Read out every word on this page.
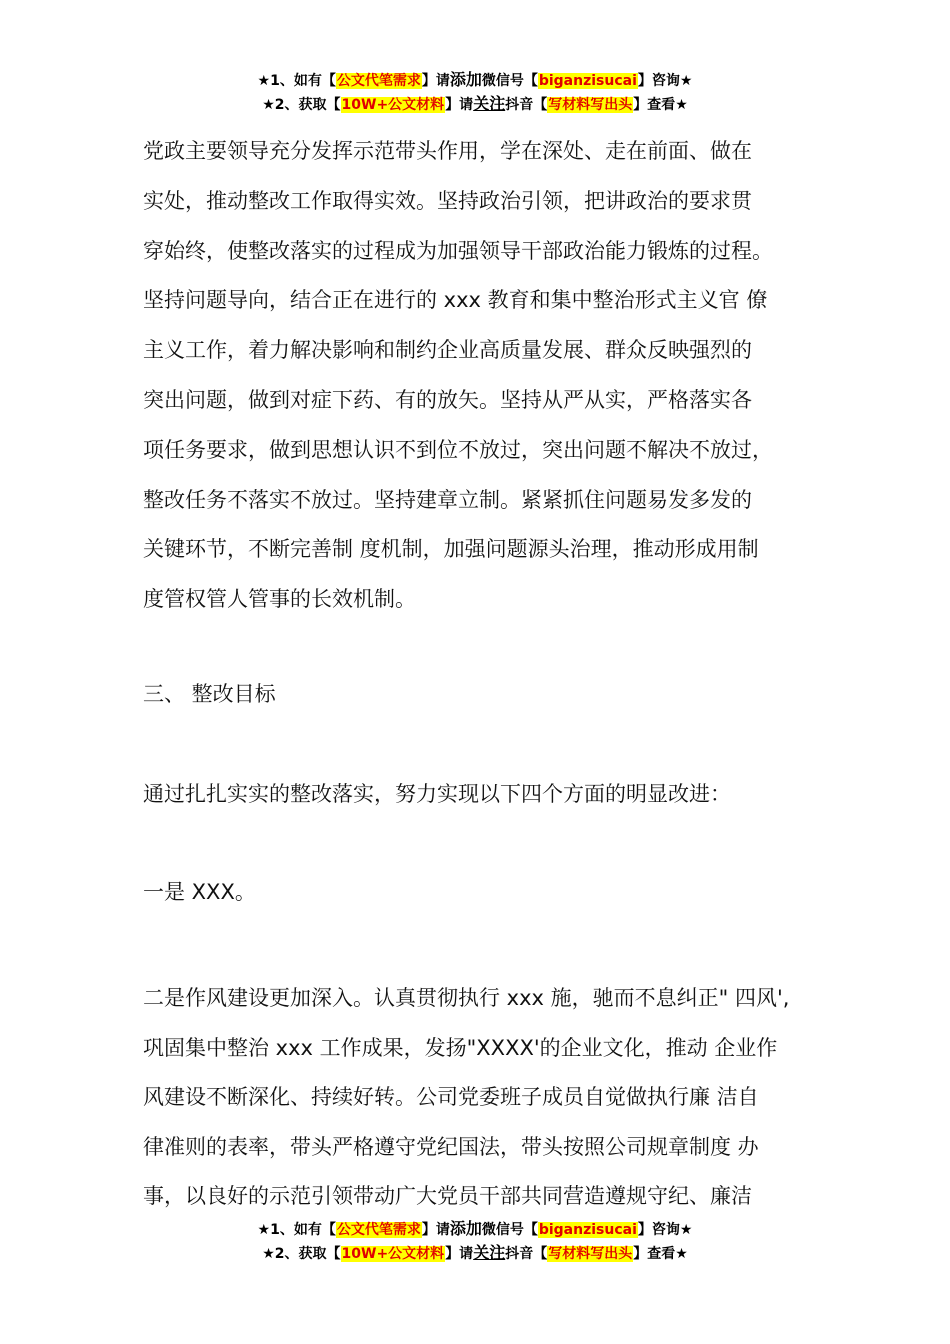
★1、如有【公文代笔需求】请添加微信号【biganzisucai】咨询★
★2、获取【10W+公文材料】请关注抖音【写材料写出头】查看★

党政主要领导充分发挥示范带头作用，学在深处、走在前面、做在

实处，推动整改工作取得实效。坚持政治引领，把讲政治的要求贯

穿始终，使整改落实的过程成为加强领导干部政治能力锻炼的过程。

坚持问题导向，结合正在进行的 xxx 教育和集中整治形式主义官 僚

主义工作，着力解决影响和制约企业高质量发展、群众反映强烈的

突出问题，做到对症下药、有的放矢。坚持从严从实，严格落实各

项任务要求，做到思想认识不到位不放过，突出问题不解决不放过，

整改任务不落实不放过。坚持建章立制。紧紧抓住问题易发多发的

关键环节，不断完善制 度机制，加强问题源头治理，推动形成用制

度管权管人管事的长效机制。

三、 整改目标

通过扎扎实实的整改落实，努力实现以下四个方面的明显改进：

一是 XXX。

二是作风建设更加深入。认真贯彻执行 xxx 施，驰而不息纠正" 四风',

巩固集中整治 xxx 工作成果，发扬"XXXX'的企业文化，推动 企业作

风建设不断深化、持续好转。公司党委班子成员自觉做执行廉 洁自

律准则的表率，带头严格遵守党纪国法，带头按照公司规章制度 办

事，以良好的示范引领带动广大党员干部共同营造遵规守纪、廉洁

★1、如有【公文代笔需求】请添加微信号【biganzisucai】咨询★
★2、获取【10W+公文材料】请关注抖音【写材料写出头】查看★
